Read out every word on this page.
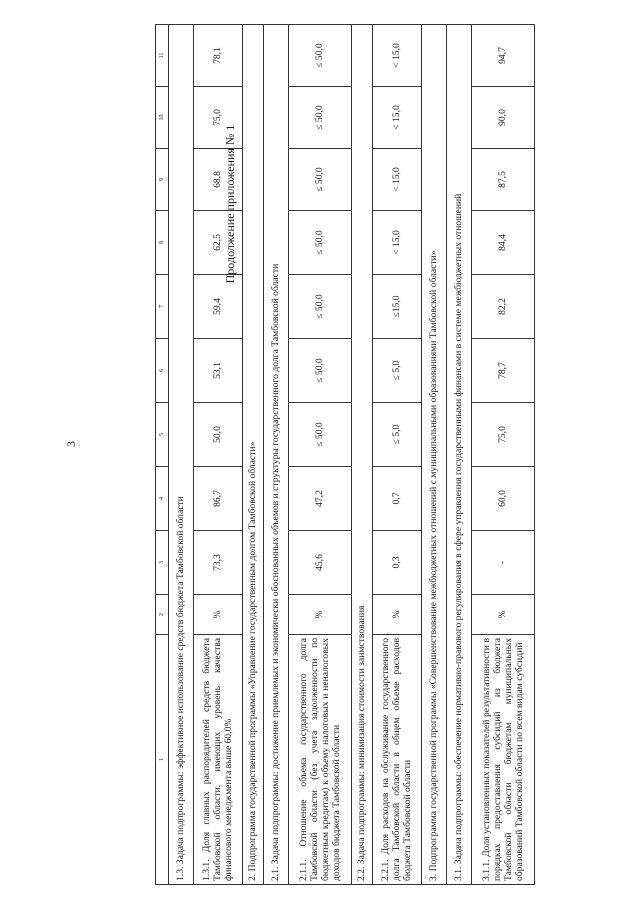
3
Продолжение приложения № 1
1	2	3	4	5	6	7	8	9	10	11
1.3. Задача подпрограммы: эффективное использование средств бюджета Тамбовской области										
1.3.1. Доля главных распорядителей средств бюджета Тамбовской области, имеющих уровень качества финансового менеджмента выше 60,0%	%	73,3	86,7	50,0	53,1	59,4	62,5	68,8	75,0	78,1
2. Подпрограмма государственной программы «Управление государственным долгом Тамбовской области»										
2.1. Задача подпрограммы: достижение приемлемых и экономически обоснованных объемов и структуры государственного долга Тамбовской области										
2.1.1. Отношение объема государственного долга Тамбовской области (без учета задолженности по бюджетным кредитам) к объему налоговых и неналоговых доходов бюджета Тамбовской области	%	45,6	47,2	≤ 50,0	≤ 50,0	≤ 50,0	≤ 50,0	≤ 50,0	≤ 50,0	≤ 50,0
2.2. Задача подпрограммы: минимизация стоимости заимствования										
2.2.1. Доля расходов на обслуживание государственного долга Тамбовской области в общем объеме расходов бюджета Тамбовской области	%	0,3	0,7	≤ 5,0	≤ 5,0	≤15,0	< 15,0	< 15,0	< 15,0	< 15,0
3. Подпрограмма государственной программы «Совершенствование межбюджетных отношений с муниципальными образованиями Тамбовской области»										
3.1. Задача подпрограммы: обеспечение нормативно-правового регулирования в сфере управления государственными финансами в системе межбюджетных отношений										
3.1.1. Доля установленных показателей результативности в порядках предоставления субсидий из бюджета Тамбовской области бюджетам муниципальных образований Тамбовской области по всем видам субсидий	%	-	60,0	75,0	78,7	82,2	84,4	87,5	90,0	94,7
